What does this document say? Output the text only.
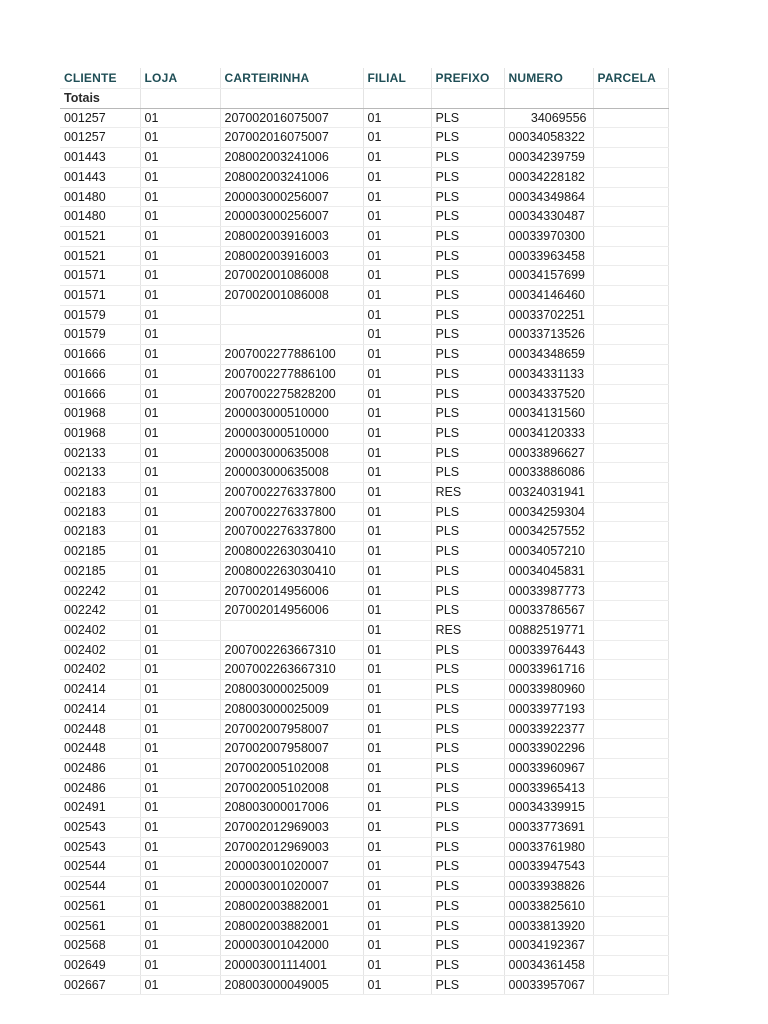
CLIENTE	LOJA	CARTEIRINHA	FILIAL	PREFIXO	NUMERO	PARCELA
Totais						
001257	01	207002016075007	01	PLS	34069556	
001257	01	207002016075007	01	PLS	00034058322	
001443	01	208002003241006	01	PLS	00034239759	
001443	01	208002003241006	01	PLS	00034228182	
001480	01	200003000256007	01	PLS	00034349864	
001480	01	200003000256007	01	PLS	00034330487	
001521	01	208002003916003	01	PLS	00033970300	
001521	01	208002003916003	01	PLS	00033963458	
001571	01	207002001086008	01	PLS	00034157699	
001571	01	207002001086008	01	PLS	00034146460	
001579	01		01	PLS	00033702251	
001579	01		01	PLS	00033713526	
001666	01	2007002277886100	01	PLS	00034348659	
001666	01	2007002277886100	01	PLS	00034331133	
001666	01	2007002275828200	01	PLS	00034337520	
001968	01	200003000510000	01	PLS	00034131560	
001968	01	200003000510000	01	PLS	00034120333	
002133	01	200003000635008	01	PLS	00033896627	
002133	01	200003000635008	01	PLS	00033886086	
002183	01	2007002276337800	01	RES	00324031941	
002183	01	2007002276337800	01	PLS	00034259304	
002183	01	2007002276337800	01	PLS	00034257552	
002185	01	2008002263030410	01	PLS	00034057210	
002185	01	2008002263030410	01	PLS	00034045831	
002242	01	207002014956006	01	PLS	00033987773	
002242	01	207002014956006	01	PLS	00033786567	
002402	01		01	RES	00882519771	
002402	01	2007002263667310	01	PLS	00033976443	
002402	01	2007002263667310	01	PLS	00033961716	
002414	01	208003000025009	01	PLS	00033980960	
002414	01	208003000025009	01	PLS	00033977193	
002448	01	207002007958007	01	PLS	00033922377	
002448	01	207002007958007	01	PLS	00033902296	
002486	01	207002005102008	01	PLS	00033960967	
002486	01	207002005102008	01	PLS	00033965413	
002491	01	208003000017006	01	PLS	00034339915	
002543	01	207002012969003	01	PLS	00033773691	
002543	01	207002012969003	01	PLS	00033761980	
002544	01	200003001020007	01	PLS	00033947543	
002544	01	200003001020007	01	PLS	00033938826	
002561	01	208002003882001	01	PLS	00033825610	
002561	01	208002003882001	01	PLS	00033813920	
002568	01	200003001042000	01	PLS	00034192367	
002649	01	200003001114001	01	PLS	00034361458	
002667	01	208003000049005	01	PLS	00033957067	
